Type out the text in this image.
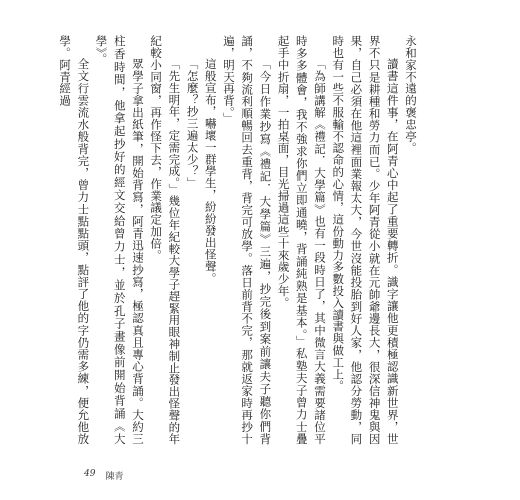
永和家不遠的褒忠亭。

讀書這件事，在阿青心中起了重要轉折。識字讓他更積極認識新世界，世界不只是耕種和勞力而已。少年阿青從小就在元帥爺邊長大，很深信神鬼與因果，自己必須在他這裡面業報太大，今世沒能投胎到好人家，他認分勞動，同時也有一些不服輸不認命的心情，這份動力多數投入讀書與做工上。

「為師講解《禮記．大學篇》也有一段時日了，其中微言大義需要諸位平時多多體會，我不強求你們立即通曉，背誦純熟是基本。」私塾夫子曾力士疊起手中折扇，一拍桌面，目光掃過這些十來歲少年。

「今日作業抄寫《禮記．大學篇》三遍，抄完後到案前讓夫子聽你們背誦，不夠流利順暢回去重背，背完可放學。落日前背不完，那就返家時再抄十遍，明天再背。」

這般宣布，嚇壞一群學生，紛紛發出怪聲。

「怎麼？抄三遍太少？」

「先生明年，定需完成。」幾位年紀較大學子趕緊用眼神制止發出怪聲的年紀較小同窗，再作怪下去，作業議定加倍。

眾學子拿出紙筆，開始背寫，阿青迅速抄寫，極認真且專心背誦。大約三柱香時間，他拿起抄好的經文交給曾力士，並於孔子畫像前開始背誦《大學》。

全文行雲流水般背完，曾力士點點頭，點評了他的字仍需多練，便允他放學。阿青經過

49 陳青
